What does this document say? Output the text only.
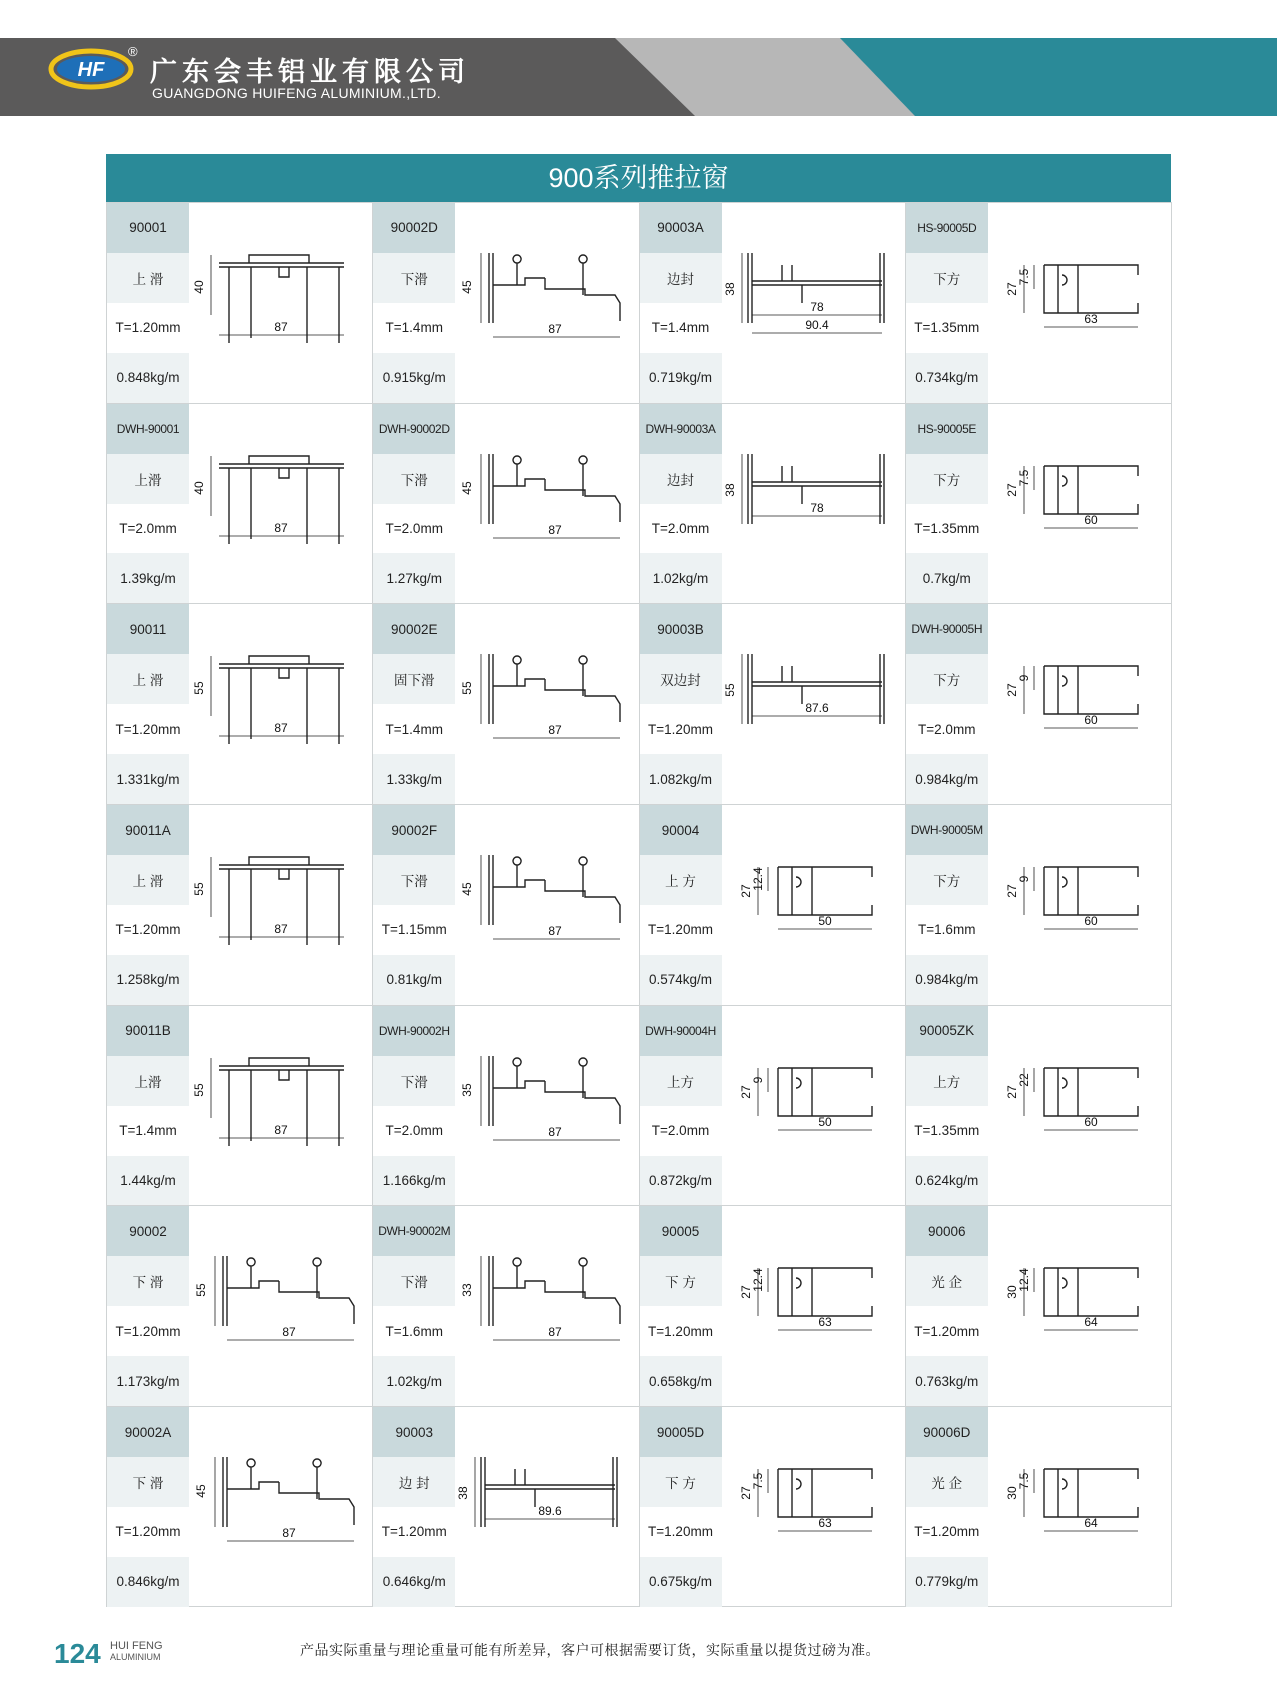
HF
®
广东会丰铝业有限公司
GUANGDONG HUIFENG ALUMINIUM.,LTD.
900系列推拉窗
90001
上 滑
T=1.20mm
0.848kg/m
40
87
90002D
下滑
T=1.4mm
0.915kg/m
45
87
90003A
边封
T=1.4mm
0.719kg/m
38
78
90.4
HS-90005D
下方
T=1.35mm
0.734kg/m
27
7.5
63
DWH-90001
上滑
T=2.0mm
1.39kg/m
40
87
DWH-90002D
下滑
T=2.0mm
1.27kg/m
45
87
DWH-90003A
边封
T=2.0mm
1.02kg/m
38
78
HS-90005E
下方
T=1.35mm
0.7kg/m
27
7.5
60
90011
上 滑
T=1.20mm
1.331kg/m
55
87
90002E
固下滑
T=1.4mm
1.33kg/m
55
87
90003B
双边封
T=1.20mm
1.082kg/m
55
87.6
DWH-90005H
下方
T=2.0mm
0.984kg/m
27
9
60
90011A
上 滑
T=1.20mm
1.258kg/m
55
87
90002F
下滑
T=1.15mm
0.81kg/m
45
87
90004
上 方
T=1.20mm
0.574kg/m
27
12.4
50
DWH-90005M
下方
T=1.6mm
0.984kg/m
27
9
60
90011B
上滑
T=1.4mm
1.44kg/m
55
87
DWH-90002H
下滑
T=2.0mm
1.166kg/m
35
87
DWH-90004H
上方
T=2.0mm
0.872kg/m
27
9
50
90005ZK
上方
T=1.35mm
0.624kg/m
27
22
60
90002
下 滑
T=1.20mm
1.173kg/m
55
87
DWH-90002M
下滑
T=1.6mm
1.02kg/m
33
87
90005
下 方
T=1.20mm
0.658kg/m
27
12.4
63
90006
光 企
T=1.20mm
0.763kg/m
30
12.4
64
90002A
下 滑
T=1.20mm
0.846kg/m
45
87
90003
边 封
T=1.20mm
0.646kg/m
38
89.6
90005D
下 方
T=1.20mm
0.675kg/m
27
7.5
63
90006D
光 企
T=1.20mm
0.779kg/m
30
7.5
64
124 HUI FENG
ALUMINIUM	产品实际重量与理论重量可能有所差异，客户可根据需要订货，实际重量以提货过磅为准。
